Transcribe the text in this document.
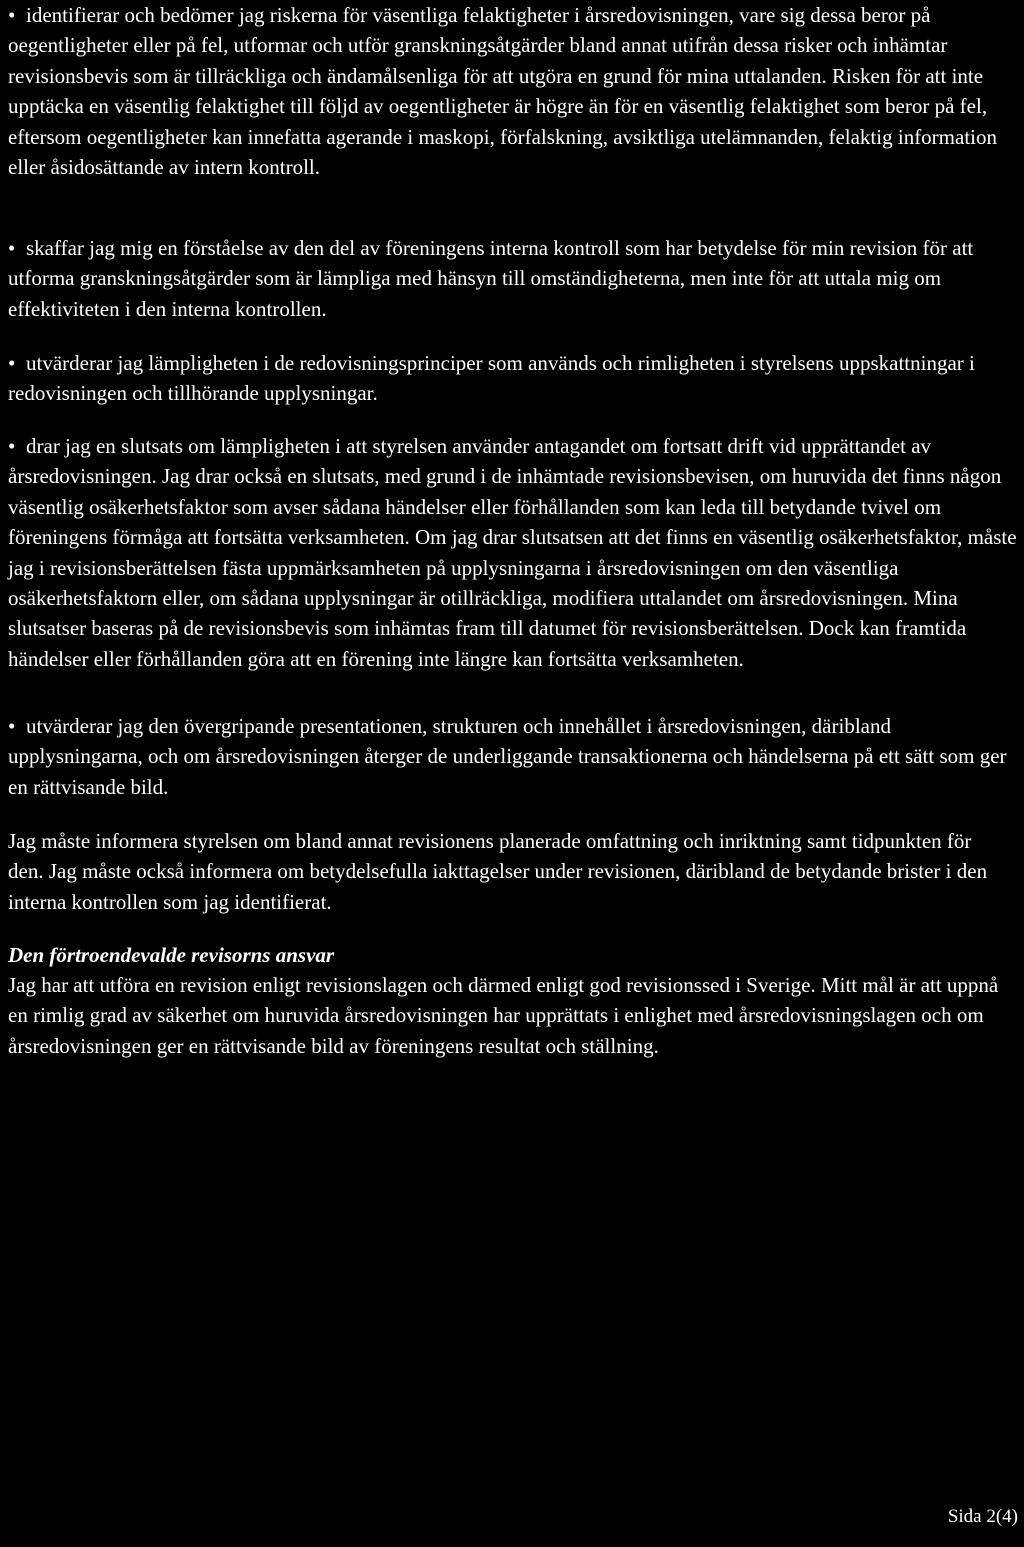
• identifierar och bedömer jag riskerna för väsentliga felaktigheter i årsredovisningen, vare sig dessa beror på oegentligheter eller på fel, utformar och utför granskningsåtgärder bland annat utifrån dessa risker och inhämtar revisionsbevis som är tillräckliga och ändamålsenliga för att utgöra en grund för mina uttalanden. Risken för att inte upptäcka en väsentlig felaktighet till följd av oegentligheter är högre än för en väsentlig felaktighet som beror på fel, eftersom oegentligheter kan innefatta agerande i maskopi, förfalskning, avsiktliga utelämnanden, felaktig information eller åsidosättande av intern kontroll.

• skaffar jag mig en förståelse av den del av föreningens interna kontroll som har betydelse för min revision för att utforma granskningsåtgärder som är lämpliga med hänsyn till omständigheterna, men inte för att uttala mig om effektiviteten i den interna kontrollen.

• utvärderar jag lämpligheten i de redovisningsprinciper som används och rimligheten i styrelsens uppskattningar i redovisningen och tillhörande upplysningar.

• drar jag en slutsats om lämpligheten i att styrelsen använder antagandet om fortsatt drift vid upprättandet av årsredovisningen. Jag drar också en slutsats, med grund i de inhämtade revisionsbevisen, om huruvida det finns någon väsentlig osäkerhetsfaktor som avser sådana händelser eller förhållanden som kan leda till betydande tvivel om föreningens förmåga att fortsätta verksamheten. Om jag drar slutsatsen att det finns en väsentlig osäkerhetsfaktor, måste jag i revisionsberättelsen fästa uppmärksamheten på upplysningarna i årsredovisningen om den väsentliga osäkerhetsfaktorn eller, om sådana upplysningar är otillräckliga, modifiera uttalandet om årsredovisningen. Mina slutsatser baseras på de revisionsbevis som inhämtas fram till datumet för revisionsberättelsen. Dock kan framtida händelser eller förhållanden göra att en förening inte längre kan fortsätta verksamheten.

• utvärderar jag den övergripande presentationen, strukturen och innehållet i årsredovisningen, däribland upplysningarna, och om årsredovisningen återger de underliggande transaktionerna och händelserna på ett sätt som ger en rättvisande bild.

Jag måste informera styrelsen om bland annat revisionens planerade omfattning och inriktning samt tidpunkten för den. Jag måste också informera om betydelsefulla iakttagelser under revisionen, däribland de betydande brister i den interna kontrollen som jag identifierat.

Den förtroendevalde revisorns ansvar

Jag har att utföra en revision enligt revisionslagen och därmed enligt god revisionssed i Sverige. Mitt mål är att uppnå en rimlig grad av säkerhet om huruvida årsredovisningen har upprättats i enlighet med årsredovisningslagen och om årsredovisningen ger en rättvisande bild av föreningens resultat och ställning.

Sida 2(4)
